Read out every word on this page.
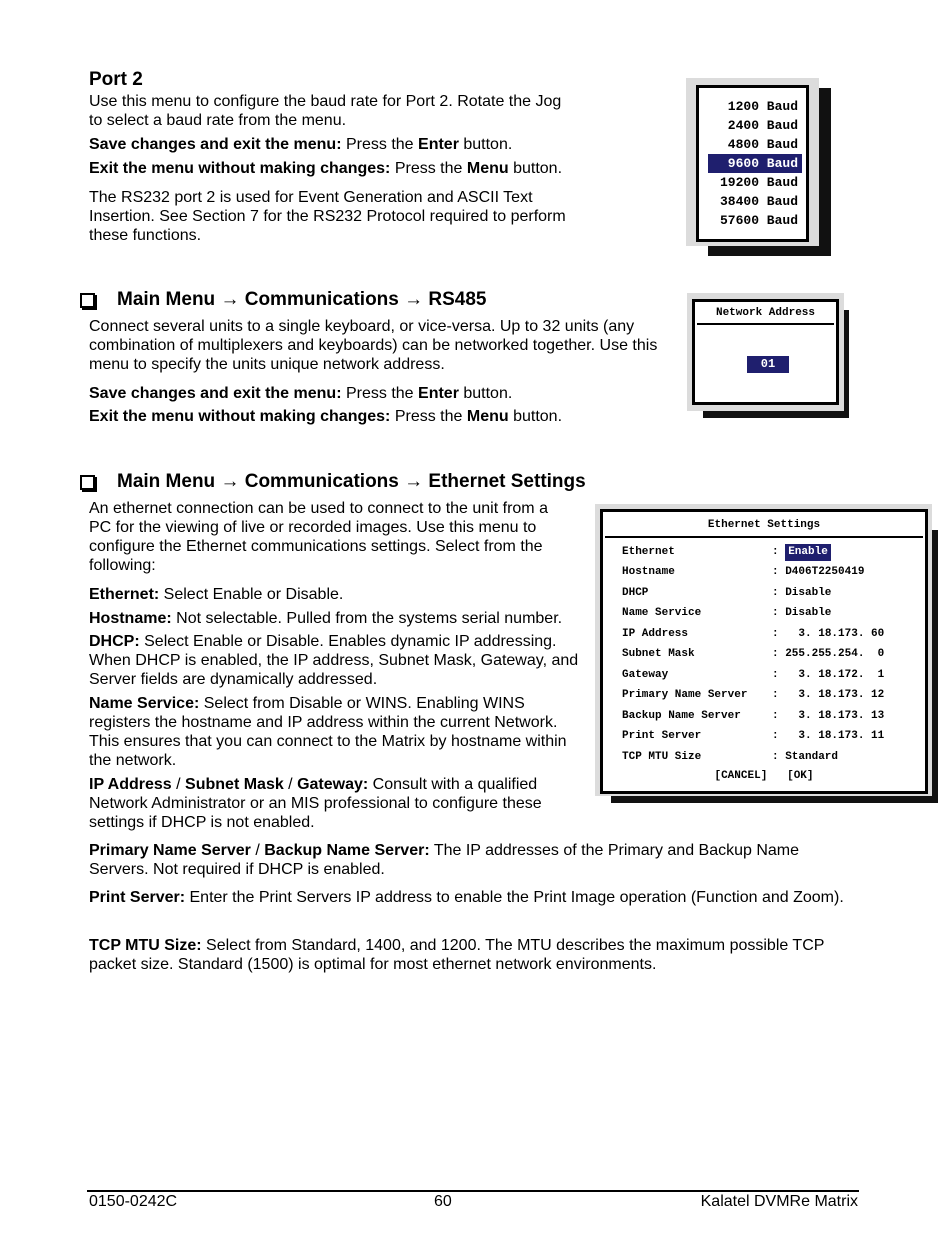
Port 2

Use this menu to configure the baud rate for Port 2. Rotate the Jog to select a baud rate from the menu.

Save changes and exit the menu: Press the Enter button.

Exit the menu without making changes: Press the Menu button.

The RS232 port 2 is used for Event Generation and ASCII Text Insertion. See Section 7 for the RS232 Protocol required to perform these functions.

1200 Baud
2400 Baud
4800 Baud
9600 Baud
19200 Baud
38400 Baud
57600 Baud
Main Menu → Communications → RS485

Connect several units to a single keyboard, or vice-versa. Up to 32 units (any combination of multiplexers and keyboards) can be networked together. Use this menu to specify the units unique network address.

Save changes and exit the menu: Press the Enter button.

Exit the menu without making changes: Press the Menu button.

Network Address
01
Main Menu → Communications → Ethernet Settings

An ethernet connection can be used to connect to the unit from a PC for the viewing of live or recorded images. Use this menu to configure the Ethernet communications settings. Select from the following:

Ethernet: Select Enable or Disable.

Hostname: Not selectable. Pulled from the systems serial number.

DHCP: Select Enable or Disable. Enables dynamic IP addressing. When DHCP is enabled, the IP address, Subnet Mask, Gateway, and Server fields are dynamically addressed.

Name Service: Select from Disable or WINS. Enabling WINS registers the hostname and IP address within the current Network. This ensures that you can connect to the Matrix by hostname within the network.

IP Address / Subnet Mask / Gateway: Consult with a qualified Network Administrator or an MIS professional to configure these settings if DHCP is not enabled.

Primary Name Server / Backup Name Server: The IP addresses of the Primary and Backup Name Servers. Not required if DHCP is enabled.

Print Server: Enter the Print Servers IP address to enable the Print Image operation (Function and Zoom).

TCP MTU Size: Select from Standard, 1400, and 1200. The MTU describes the maximum possible TCP packet size. Standard (1500) is optimal for most ethernet network environments.

Ethernet Settings
Ethernet	: Enable
Hostname	: D406T2250419
DHCP	: Disable
Name Service	: Disable
IP Address	:   3. 18.173. 60
Subnet Mask	: 255.255.254.  0
Gateway	:   3. 18.172.  1
Primary Name Server :   3. 18.173. 12
Backup Name Server	:   3. 18.173. 13
Print Server	:   3. 18.173. 11
TCP MTU Size	: Standard
[CANCEL] [OK]
0150-0242C	60	Kalatel DVMRe Matrix
